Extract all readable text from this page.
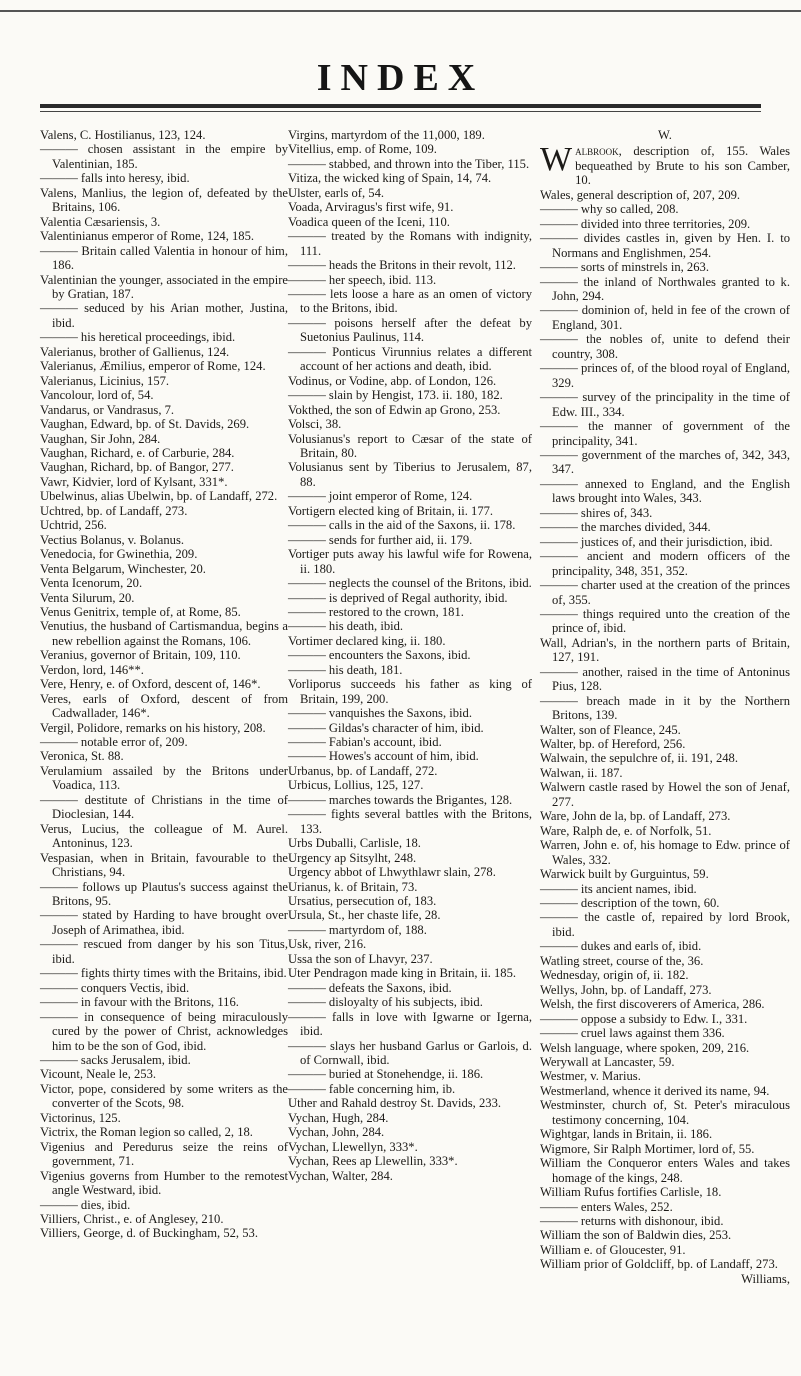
INDEX
Valens, C. Hostilianus, 123, 124.
——— chosen assistant in the empire by Valentinian, 185.
——— falls into heresy, ibid.
Valens, Manlius, the legion of, defeated by the Britains, 106.
Valentia Cæsariensis, 3.
Valentinianus emperor of Rome, 124, 185.
——— Britain called Valentia in honour of him, 186.
Valentinian the younger, associated in the empire by Gratian, 187.
——— seduced by his Arian mother, Justina, ibid.
——— his heretical proceedings, ibid.
Valerianus, brother of Gallienus, 124.
Valerianus, Æmilius, emperor of Rome, 124.
Valerianus, Licinius, 157.
Vancolour, lord of, 54.
Vandarus, or Vandrasus, 7.
Vaughan, Edward, bp. of St. Davids, 269.
Vaughan, Sir John, 284.
Vaughan, Richard, e. of Carburie, 284.
Vaughan, Richard, bp. of Bangor, 277.
Vawr, Kidvier, lord of Kylsant, 331*.
Ubelwinus, alias Ubelwin, bp. of Landaff, 272.
Uchtred, bp. of Landaff, 273.
Uchtrid, 256.
Vectius Bolanus, v. Bolanus.
Venedocia, for Gwinethia, 209.
Venta Belgarum, Winchester, 20.
Venta Icenorum, 20.
Venta Silurum, 20.
Venus Genitrix, temple of, at Rome, 85.
Venutius, the husband of Cartismandua, begins a new rebellion against the Romans, 106.
Veranius, governor of Britain, 109, 110.
Verdon, lord, 146**.
Vere, Henry, e. of Oxford, descent of, 146*.
Veres, earls of Oxford, descent of from Cadwallader, 146*.
Vergil, Polidore, remarks on his history, 208.
——— notable error of, 209.
Veronica, St. 88.
Verulamium assailed by the Britons under Voadica, 113.
——— destitute of Christians in the time of Dioclesian, 144.
Verus, Lucius, the colleague of M. Aurel. Antoninus, 123.
Vespasian, when in Britain, favourable to the Christians, 94.
——— follows up Plautus's success against the Britons, 95.
——— stated by Harding to have brought over Joseph of Arimathea, ibid.
——— rescued from danger by his son Titus, ibid.
——— fights thirty times with the Britains, ibid.
——— conquers Vectis, ibid.
——— in favour with the Britons, 116.
——— in consequence of being miraculously cured by the power of Christ, acknowledges him to be the son of God, ibid.
——— sacks Jerusalem, ibid.
Vicount, Neale le, 253.
Victor, pope, considered by some writers as the converter of the Scots, 98.
Victorinus, 125.
Victrix, the Roman legion so called, 2, 18.
Vigenius and Peredurus seize the reins of government, 71.
Vigenius governs from Humber to the remotest angle Westward, ibid.
——— dies, ibid.
Villiers, Christ., e. of Anglesey, 210.
Villiers, George, d. of Buckingham, 52, 53.
Virgins, martyrdom of the 11,000, 189.
Vitellius, emp. of Rome, 109.
——— stabbed, and thrown into the Tiber, 115.
Vitiza, the wicked king of Spain, 14, 74.
Ulster, earls of, 54.
Voada, Arviragus's first wife, 91.
Voadica queen of the Iceni, 110.
——— treated by the Romans with indignity, 111.
——— heads the Britons in their revolt, 112.
——— her speech, ibid. 113.
——— lets loose a hare as an omen of victory to the Britons, ibid.
——— poisons herself after the defeat by Suetonius Paulinus, 114.
——— Ponticus Virunnius relates a different account of her actions and death, ibid.
Vodinus, or Vodine, abp. of London, 126.
——— slain by Hengist, 173. ii. 180, 182.
Vokthed, the son of Edwin ap Grono, 253.
Volsci, 38.
Volusianus's report to Cæsar of the state of Britain, 80.
Volusianus sent by Tiberius to Jerusalem, 87, 88.
——— joint emperor of Rome, 124.
Vortigern elected king of Britain, ii. 177.
——— calls in the aid of the Saxons, ii. 178.
——— sends for further aid, ii. 179.
Vortiger puts away his lawful wife for Rowena, ii. 180.
——— neglects the counsel of the Britons, ibid.
——— is deprived of Regal authority, ibid.
——— restored to the crown, 181.
——— his death, ibid.
Vortimer declared king, ii. 180.
——— encounters the Saxons, ibid.
——— his death, 181.
Vorliporus succeeds his father as king of Britain, 199, 200.
——— vanquishes the Saxons, ibid.
——— Gildas's character of him, ibid.
——— Fabian's account, ibid.
——— Howes's account of him, ibid.
Urbanus, bp. of Landaff, 272.
Urbicus, Lollius, 125, 127.
——— marches towards the Brigantes, 128.
——— fights several battles with the Britons, 133.
Urbs Duballi, Carlisle, 18.
Urgency ap Sitsylht, 248.
Urgency abbot of Lhwythlawr slain, 278.
Urianus, k. of Britain, 73.
Ursatius, persecution of, 183.
Ursula, St., her chaste life, 28.
——— martyrdom of, 188.
Usk, river, 216.
Ussa the son of Lhavyr, 237.
Uter Pendragon made king in Britain, ii. 185.
——— defeats the Saxons, ibid.
——— disloyalty of his subjects, ibid.
——— falls in love with Igwarne or Igerna, ibid.
——— slays her husband Garlus or Garlois, d. of Cornwall, ibid.
——— buried at Stonehendge, ii. 186.
——— fable concerning him, ib.
Uther and Rahald destroy St. Davids, 233.
Vychan, Hugh, 284.
Vychan, John, 284.
Vychan, Llewellyn, 333*.
Vychan, Rees ap Llewellin, 333*.
Vychan, Walter, 284.
W.
Walbrook, description of, 155. Wales bequeathed by Brute to his son Camber, 10.
Wales, general description of, 207, 209.
——— why so called, 208.
——— divided into three territories, 209.
——— divides castles in, given by Hen. I. to Normans and Englishmen, 254.
——— sorts of minstrels in, 263.
——— the inland of Northwales granted to k. John, 294.
——— dominion of, held in fee of the crown of England, 301.
——— the nobles of, unite to defend their country, 308.
——— princes of, of the blood royal of England, 329.
——— survey of the principality in the time of Edw. III., 334.
——— the manner of government of the principality, 341.
——— government of the marches of, 342, 343, 347.
——— annexed to England, and the English laws brought into Wales, 343.
——— shires of, 343.
——— the marches divided, 344.
——— justices of, and their jurisdiction, ibid.
——— ancient and modern officers of the principality, 348, 351, 352.
——— charter used at the creation of the princes of, 355.
——— things required unto the creation of the prince of, ibid.
Wall, Adrian's, in the northern parts of Britain, 127, 191.
——— another, raised in the time of Antoninus Pius, 128.
——— breach made in it by the Northern Britons, 139.
Walter, son of Fleance, 245.
Walter, bp. of Hereford, 256.
Walwain, the sepulchre of, ii. 191, 248.
Walwan, ii. 187.
Walwern castle rased by Howel the son of Jenaf, 277.
Ware, John de la, bp. of Landaff, 273.
Ware, Ralph de, e. of Norfolk, 51.
Warren, John e. of, his homage to Edw. prince of Wales, 332.
Warwick built by Gurguintus, 59.
——— its ancient names, ibid.
——— description of the town, 60.
——— the castle of, repaired by lord Brook, ibid.
——— dukes and earls of, ibid.
Watling street, course of the, 36.
Wednesday, origin of, ii. 182.
Wellys, John, bp. of Landaff, 273.
Welsh, the first discoverers of America, 286.
——— oppose a subsidy to Edw. I., 331.
——— cruel laws against them 336.
Welsh language, where spoken, 209, 216.
Werywall at Lancaster, 59.
Westmer, v. Marius.
Westmerland, whence it derived its name, 94.
Westminster, church of, St. Peter's miraculous testimony concerning, 104.
Wightgar, lands in Britain, ii. 186.
Wigmore, Sir Ralph Mortimer, lord of, 55.
William the Conqueror enters Wales and takes homage of the kings, 248.
William Rufus fortifies Carlisle, 18.
——— enters Wales, 252.
——— returns with dishonour, ibid.
William the son of Baldwin dies, 253.
William e. of Gloucester, 91.
William prior of Goldcliff, bp. of Landaff, 273.
Williams,
